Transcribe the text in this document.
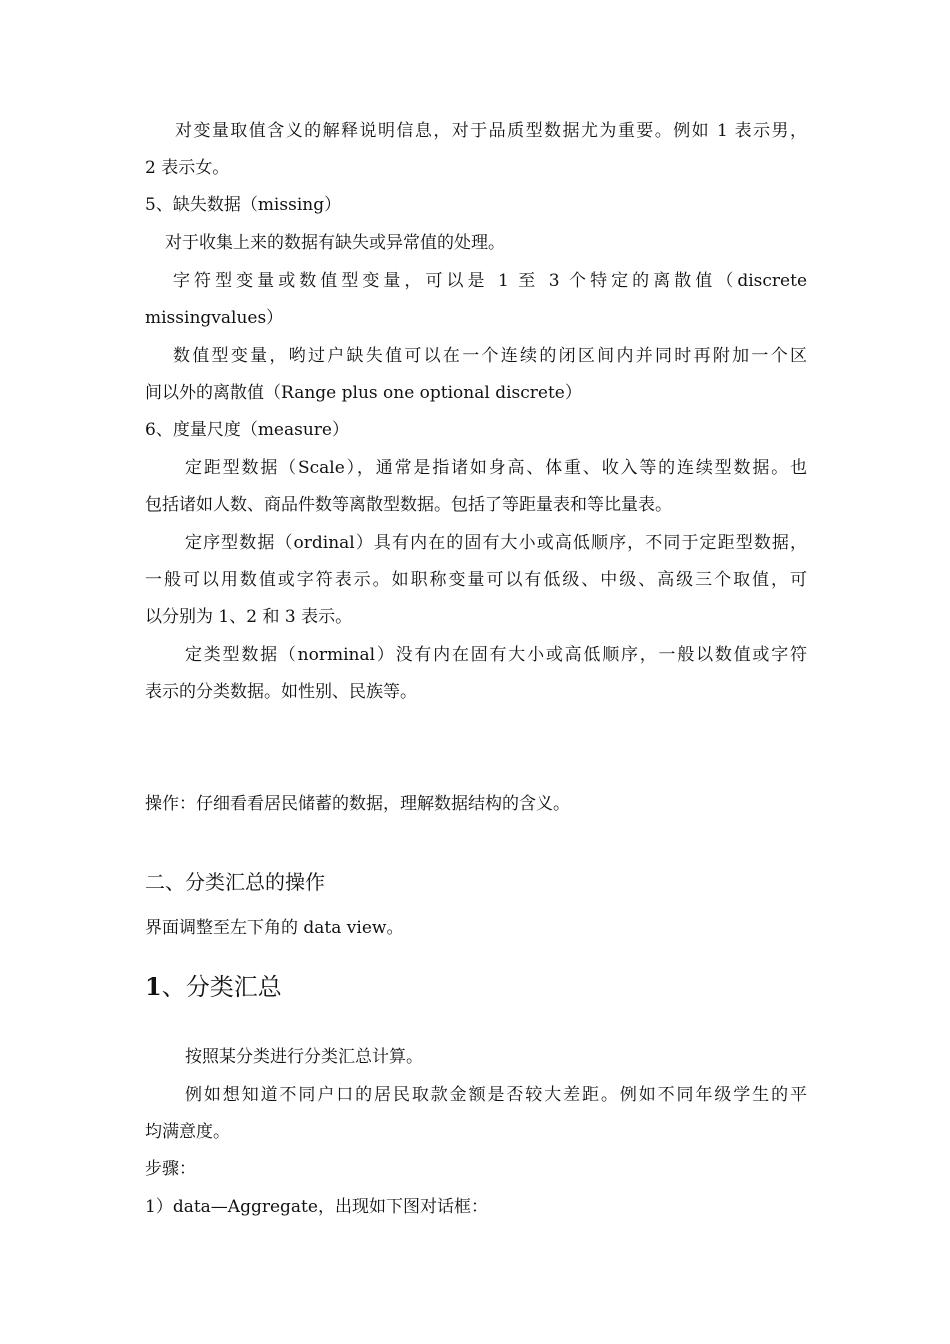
对变量取值含义的解释说明信息，对于品质型数据尤为重要。例如 1 表示男，
2 表示女。
5、缺失数据（missing）
对于收集上来的数据有缺失或异常值的处理。
字符型变量或数值型变量，可以是 1 至 3 个特定的离散值（discrete
missingvalues）
数值型变量，哟过户缺失值可以在一个连续的闭区间内并同时再附加一个区
间以外的离散值（Range plus one optional discrete）
6、度量尺度（measure）
定距型数据（Scale），通常是指诸如身高、体重、收入等的连续型数据。也
包括诸如人数、商品件数等离散型数据。包括了等距量表和等比量表。
定序型数据（ordinal）具有内在的固有大小或高低顺序，不同于定距型数据，
一般可以用数值或字符表示。如职称变量可以有低级、中级、高级三个取值，可
以分别为 1、2 和 3 表示。
定类型数据（norminal）没有内在固有大小或高低顺序，一般以数值或字符
表示的分类数据。如性别、民族等。
操作：仔细看看居民储蓄的数据，理解数据结构的含义。
二、分类汇总的操作
界面调整至左下角的 data view。
1、分类汇总
按照某分类进行分类汇总计算。
例如想知道不同户口的居民取款金额是否较大差距。例如不同年级学生的平
均满意度。
步骤：
1）data—Aggregate，出现如下图对话框：
